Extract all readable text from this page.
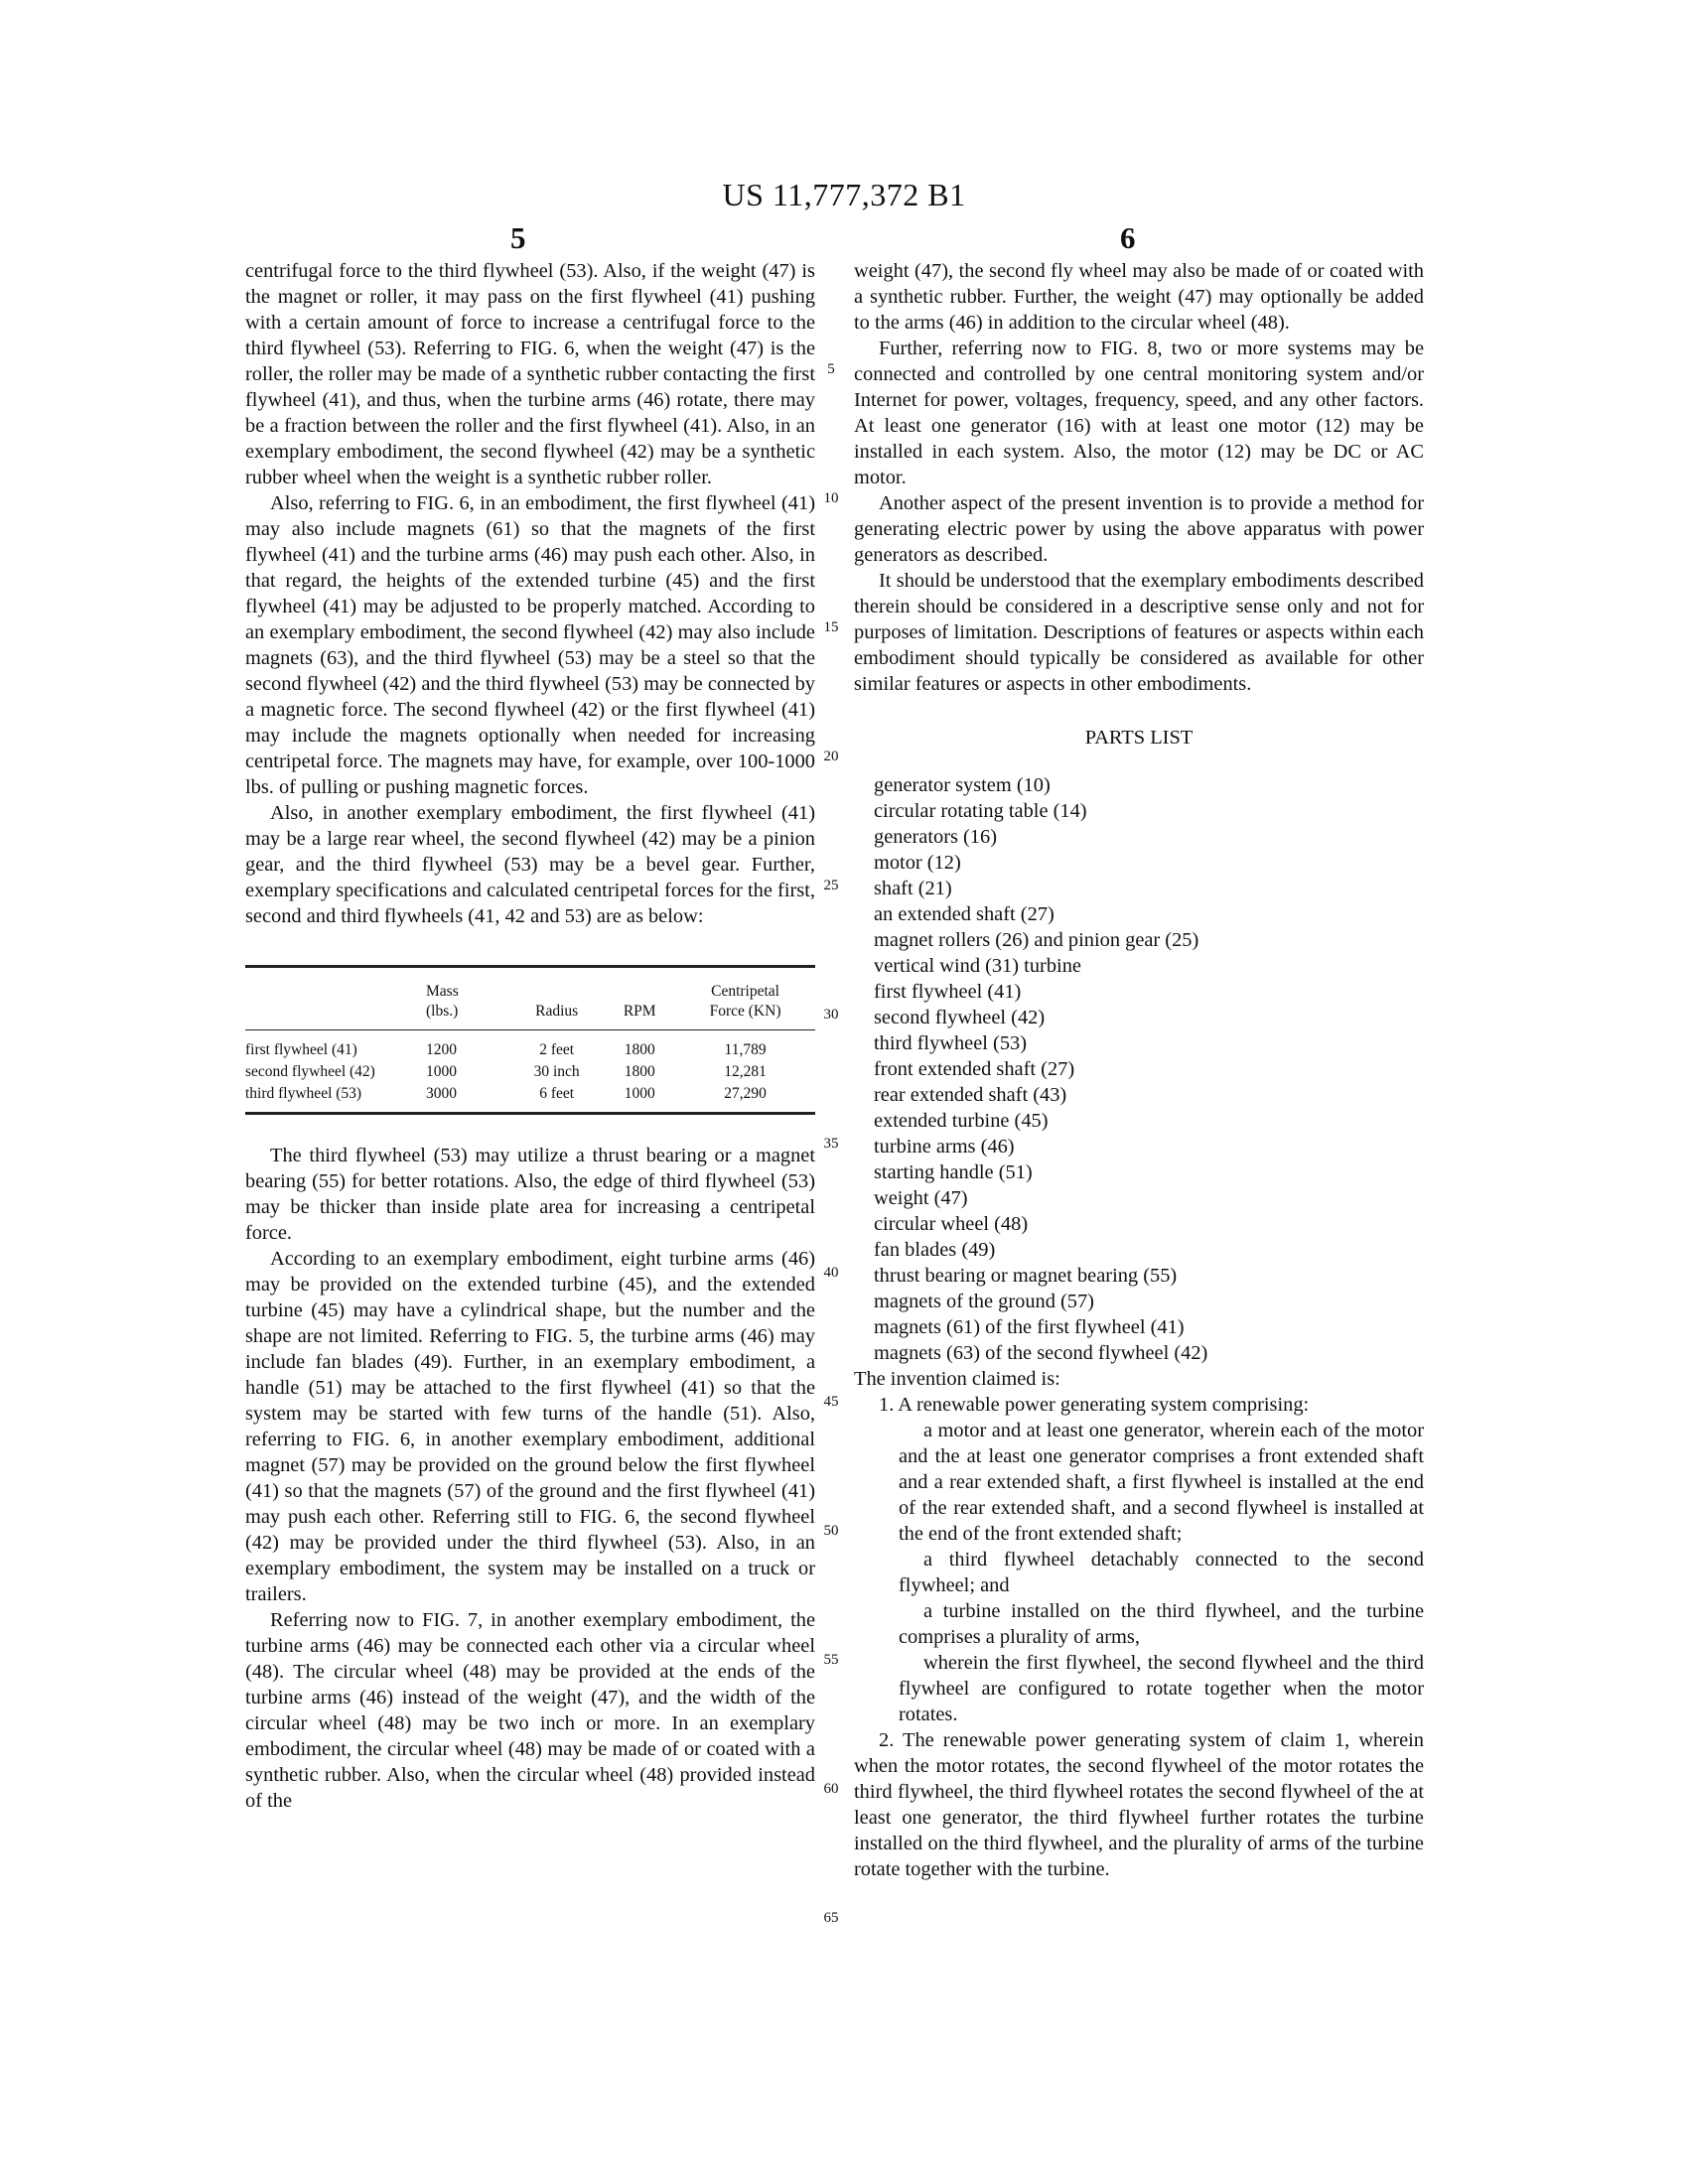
US 11,777,372 B1
5	6

centrifugal force to the third flywheel (53). Also, if the weight (47) is the magnet or roller, it may pass on the first flywheel (41) pushing with a certain amount of force to increase a centrifugal force to the third flywheel (53). Referring to FIG. 6, when the weight (47) is the roller, the roller may be made of a synthetic rubber contacting the first flywheel (41), and thus, when the turbine arms (46) rotate, there may be a fraction between the roller and the first flywheel (41). Also, in an exemplary embodiment, the second flywheel (42) may be a synthetic rubber wheel when the weight is a synthetic rubber roller.

Also, referring to FIG. 6, in an embodiment, the first flywheel (41) may also include magnets (61) so that the magnets of the first flywheel (41) and the turbine arms (46) may push each other. Also, in that regard, the heights of the extended turbine (45) and the first flywheel (41) may be adjusted to be properly matched. According to an exemplary embodiment, the second flywheel (42) may also include magnets (63), and the third flywheel (53) may be a steel so that the second flywheel (42) and the third flywheel (53) may be connected by a magnetic force. The second flywheel (42) or the first flywheel (41) may include the magnets optionally when needed for increasing centripetal force. The magnets may have, for example, over 100-1000 lbs. of pulling or pushing magnetic forces.

Also, in another exemplary embodiment, the first flywheel (41) may be a large rear wheel, the second flywheel (42) may be a pinion gear, and the third flywheel (53) may be a bevel gear. Further, exemplary specifications and calculated centripetal forces for the first, second and third flywheels (41, 42 and 53) are as below:

	Mass
(lbs.)	Radius	RPM	Centripetal
Force (KN)
first flywheel (41)	1200	2 feet	1800	11,789
second flywheel (42)	1000	30 inch	1800	12,281
third flywheel (53)	3000	6 feet	1000	27,290

The third flywheel (53) may utilize a thrust bearing or a magnet bearing (55) for better rotations. Also, the edge of third flywheel (53) may be thicker than inside plate area for increasing a centripetal force.

According to an exemplary embodiment, eight turbine arms (46) may be provided on the extended turbine (45), and the extended turbine (45) may have a cylindrical shape, but the number and the shape are not limited. Referring to FIG. 5, the turbine arms (46) may include fan blades (49). Further, in an exemplary embodiment, a handle (51) may be attached to the first flywheel (41) so that the system may be started with few turns of the handle (51). Also, referring to FIG. 6, in another exemplary embodiment, additional magnet (57) may be provided on the ground below the first flywheel (41) so that the magnets (57) of the ground and the first flywheel (41) may push each other. Referring still to FIG. 6, the second flywheel (42) may be provided under the third flywheel (53). Also, in an exemplary embodiment, the system may be installed on a truck or trailers.

Referring now to FIG. 7, in another exemplary embodiment, the turbine arms (46) may be connected each other via a circular wheel (48). The circular wheel (48) may be provided at the ends of the turbine arms (46) instead of the weight (47), and the width of the circular wheel (48) may be two inch or more. In an exemplary embodiment, the circular wheel (48) may be made of or coated with a synthetic rubber. Also, when the circular wheel (48) provided instead of the

5
10
15
20
25
30
35
40
45
50
55
60
65

weight (47), the second fly wheel may also be made of or coated with a synthetic rubber. Further, the weight (47) may optionally be added to the arms (46) in addition to the circular wheel (48).

Further, referring now to FIG. 8, two or more systems may be connected and controlled by one central monitoring system and/or Internet for power, voltages, frequency, speed, and any other factors. At least one generator (16) with at least one motor (12) may be installed in each system. Also, the motor (12) may be DC or AC motor.

Another aspect of the present invention is to provide a method for generating electric power by using the above apparatus with power generators as described.

It should be understood that the exemplary embodiments described therein should be considered in a descriptive sense only and not for purposes of limitation. Descriptions of features or aspects within each embodiment should typically be considered as available for other similar features or aspects in other embodiments.

PARTS LIST
generator system (10)
circular rotating table (14)
generators (16)
motor (12)
shaft (21)
an extended shaft (27)
magnet rollers (26) and pinion gear (25)
vertical wind (31) turbine
first flywheel (41)
second flywheel (42)
third flywheel (53)
front extended shaft (27)
rear extended shaft (43)
extended turbine (45)
turbine arms (46)
starting handle (51)
weight (47)
circular wheel (48)
fan blades (49)
thrust bearing or magnet bearing (55)
magnets of the ground (57)
magnets (61) of the first flywheel (41)
magnets (63) of the second flywheel (42)

The invention claimed is:

1. A renewable power generating system comprising:

a motor and at least one generator, wherein each of the motor and the at least one generator comprises a front extended shaft and a rear extended shaft, a first flywheel is installed at the end of the rear extended shaft, and a second flywheel is installed at the end of the front extended shaft;

a third flywheel detachably connected to the second flywheel; and

a turbine installed on the third flywheel, and the turbine comprises a plurality of arms,

wherein the first flywheel, the second flywheel and the third flywheel are configured to rotate together when the motor rotates.

2. The renewable power generating system of claim 1, wherein when the motor rotates, the second flywheel of the motor rotates the third flywheel, the third flywheel rotates the second flywheel of the at least one generator, the third flywheel further rotates the turbine installed on the third flywheel, and the plurality of arms of the turbine rotate together with the turbine.
